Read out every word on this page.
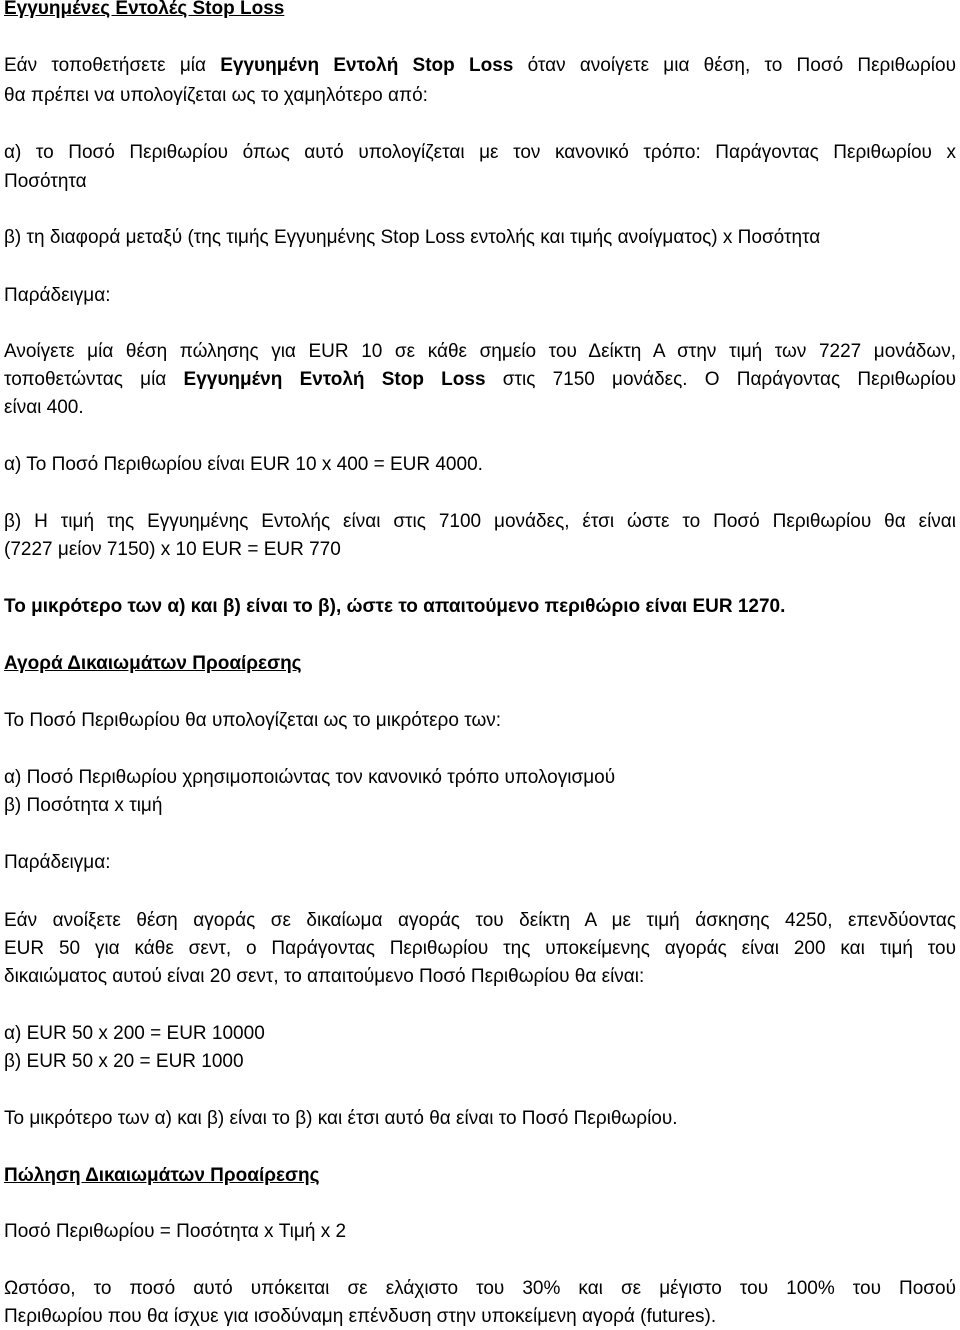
Εγγυημένες Εντολές Stop Loss
Εάν τοποθετήσετε μία Εγγυημένη Εντολή Stop Loss όταν ανοίγετε μια θέση, το Ποσό Περιθωρίου
θα πρέπει να υπολογίζεται ως το χαμηλότερο από:
α) το Ποσό Περιθωρίου όπως αυτό υπολογίζεται με τον κανονικό τρόπο: Παράγοντας Περιθωρίου x
Ποσότητα
β) τη διαφορά μεταξύ (της τιμής Εγγυημένης Stop Loss εντολής και τιμής ανοίγματος) x Ποσότητα
Παράδειγμα:
Ανοίγετε μία θέση πώλησης για EUR 10 σε κάθε σημείο του Δείκτη Α στην τιμή των 7227 μονάδων,
τοποθετώντας μία Εγγυημένη Εντολή Stop Loss στις 7150 μονάδες. Ο Παράγοντας Περιθωρίου
είναι 400.
α) Το Ποσό Περιθωρίου είναι EUR 10 x 400 = EUR 4000.
β) Η τιμή της Εγγυημένης Εντολής είναι στις 7100 μονάδες, έτσι ώστε το Ποσό Περιθωρίου θα είναι
(7227 μείον 7150) x 10 EUR = EUR 770
Το μικρότερο των α) και β) είναι το β), ώστε το απαιτούμενο περιθώριο είναι EUR 1270.
Αγορά Δικαιωμάτων Προαίρεσης
Το Ποσό Περιθωρίου θα υπολογίζεται ως το μικρότερο των:
α) Ποσό Περιθωρίου χρησιμοποιώντας τον κανονικό τρόπο υπολογισμού
β) Ποσότητα x τιμή
Παράδειγμα:
Εάν ανοίξετε θέση αγοράς σε δικαίωμα αγοράς του δείκτη Α με τιμή άσκησης 4250, επενδύοντας
EUR 50 για κάθε σεντ, ο Παράγοντας Περιθωρίου της υποκείμενης αγοράς είναι 200 και τιμή του
δικαιώματος αυτού είναι 20 σεντ, το απαιτούμενο Ποσό Περιθωρίου θα είναι:
α) EUR 50 x 200 = EUR 10000
β) EUR 50 x 20 = EUR 1000
Το μικρότερο των α) και β) είναι το β) και έτσι αυτό θα είναι το Ποσό Περιθωρίου.
Πώληση Δικαιωμάτων Προαίρεσης
Ποσό Περιθωρίου = Ποσότητα x Τιμή x 2
Ωστόσο, το ποσό αυτό υπόκειται σε ελάχιστο του 30% και σε μέγιστο του 100% του Ποσού
Περιθωρίου που θα ίσχυε για ισοδύναμη επένδυση στην υποκείμενη αγορά (futures).
